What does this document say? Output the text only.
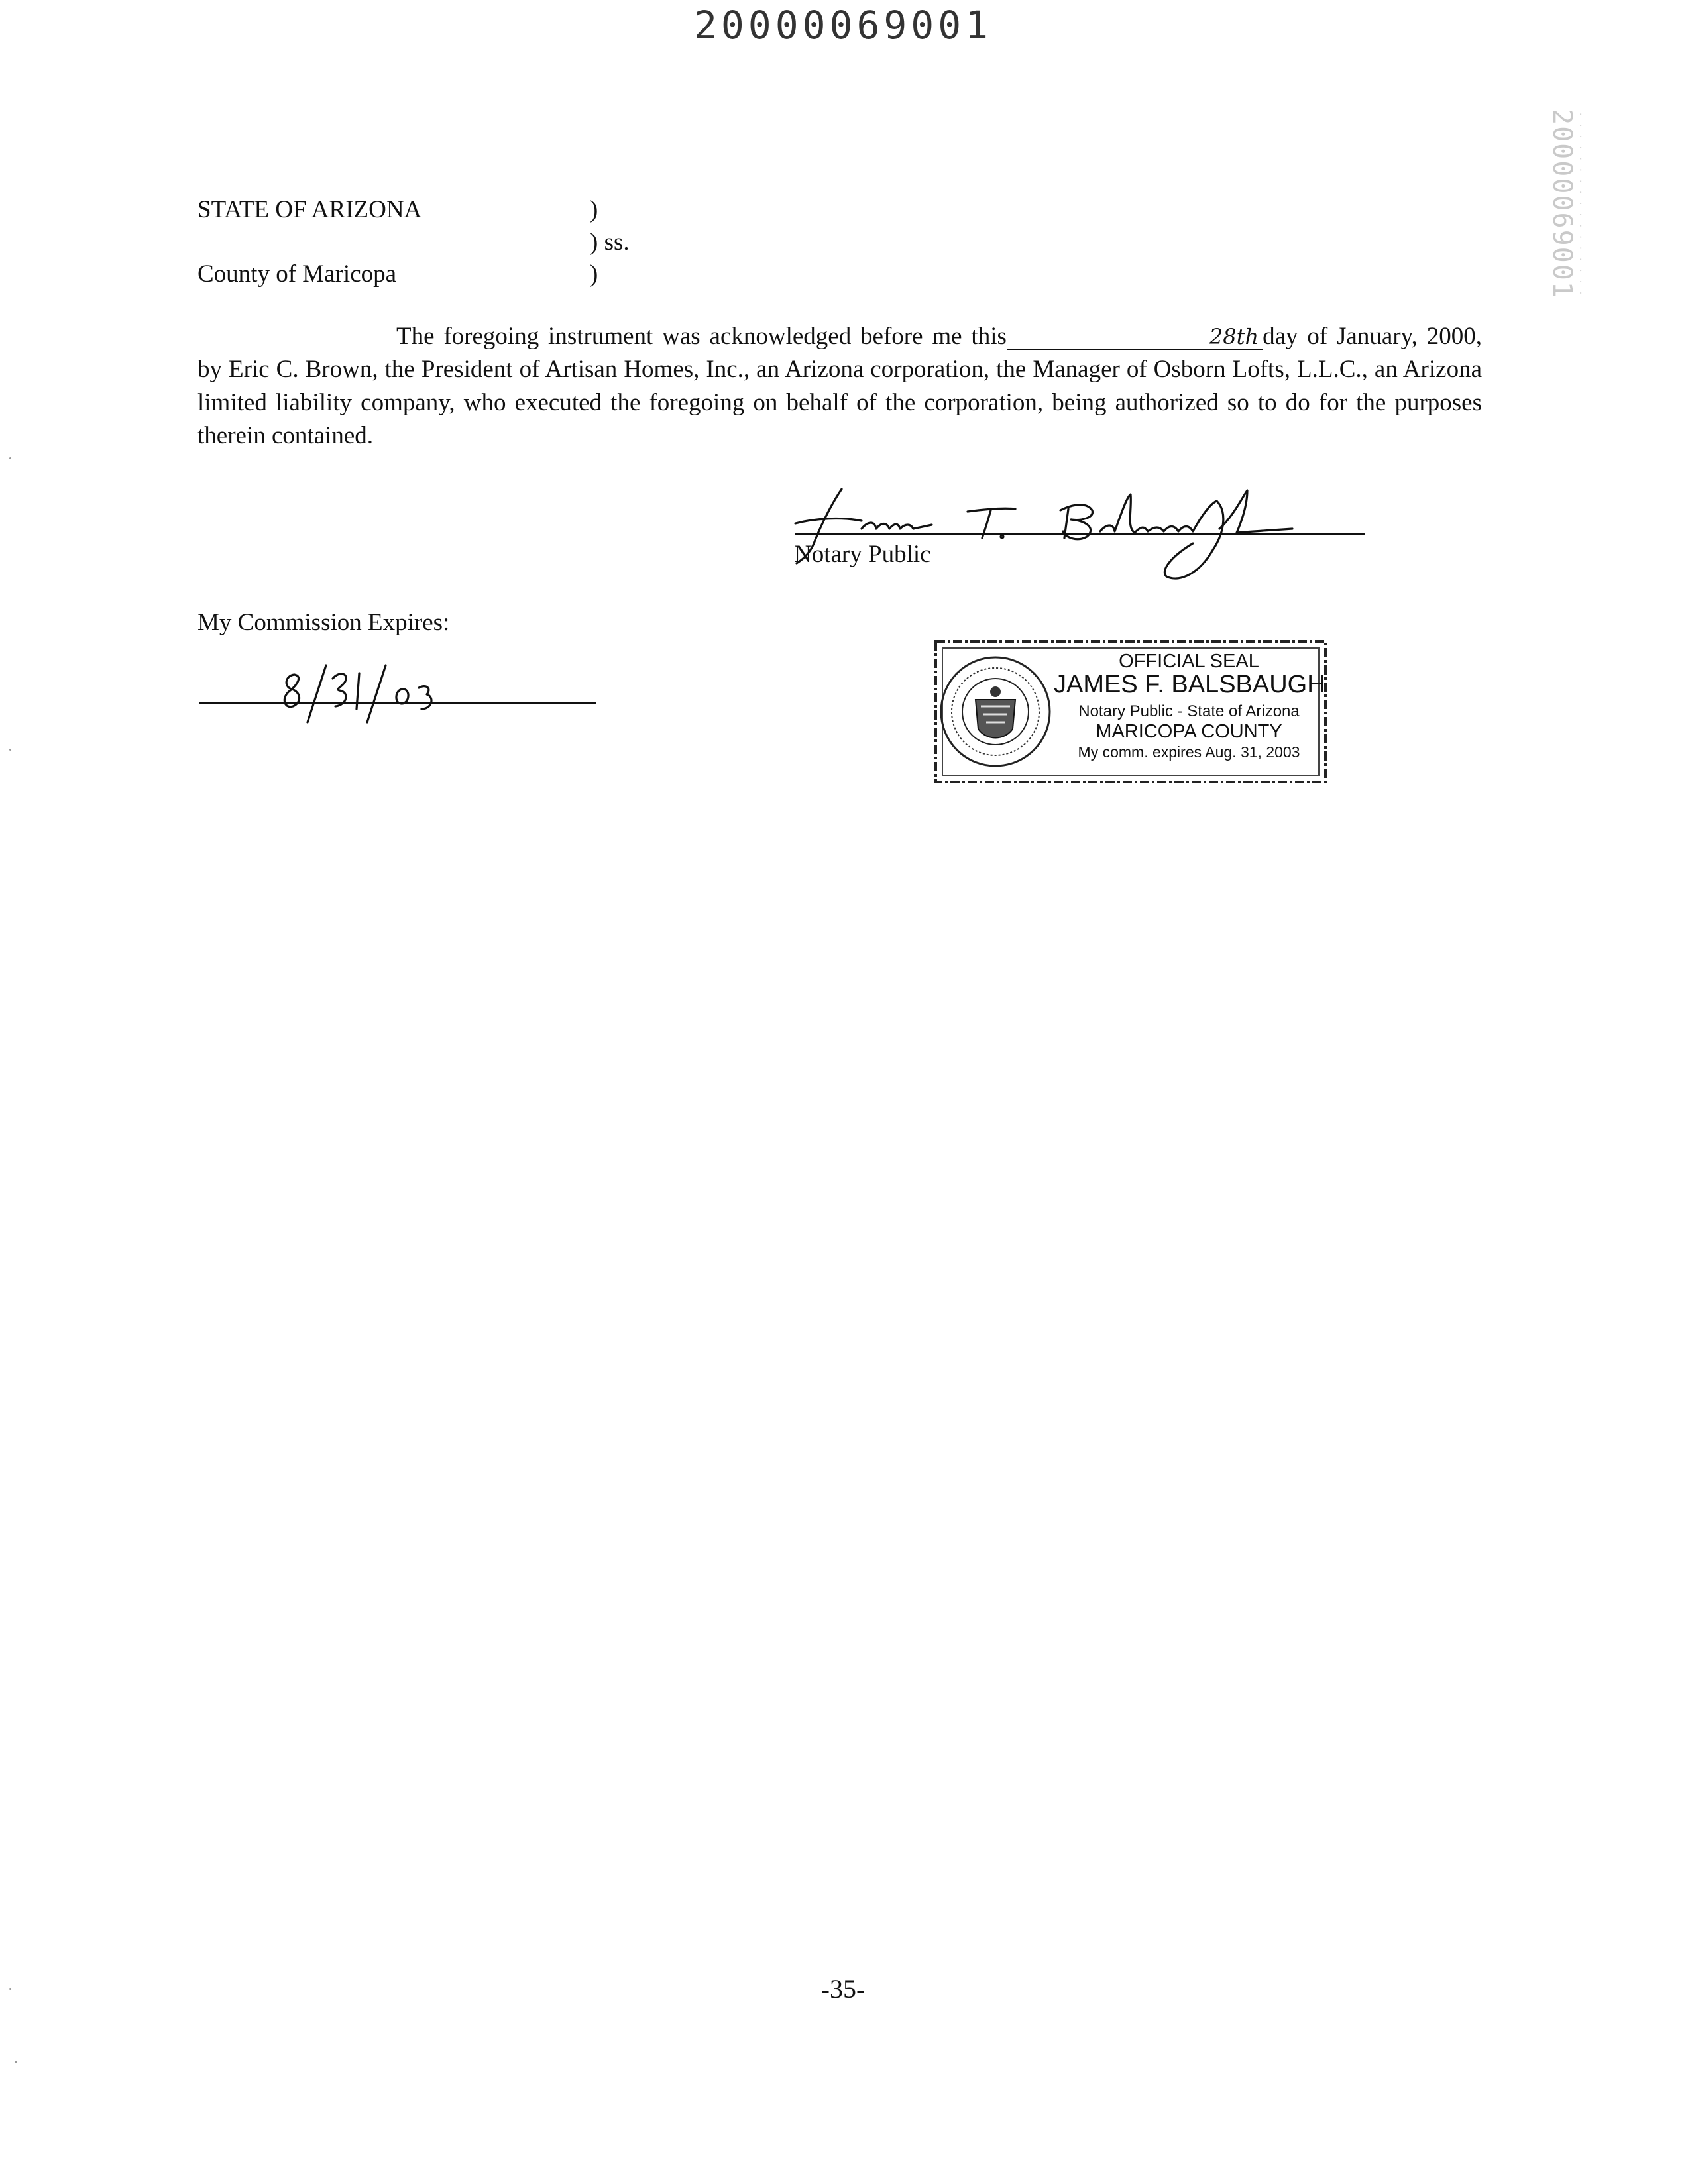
20000069001
20000069001
· · · · · · · · · · · · · · · · · ·
STATE OF ARIZONA
County of Maricopa
)
) ss.
)
The foregoing instrument was acknowledged before me this	28th day of January, 2000, by Eric C. Brown, the President of Artisan Homes, Inc., an Arizona corporation, the Manager of Osborn Lofts, L.L.C., an Arizona limited liability company, who executed the foregoing on behalf of the corporation, being authorized so to do for the purposes therein contained.
Notary Public
My Commission Expires:
OFFICIAL SEAL
JAMES F. BALSBAUGH
Notary Public - State of Arizona
MARICOPA COUNTY
My comm. expires Aug. 31, 2003
-35-
